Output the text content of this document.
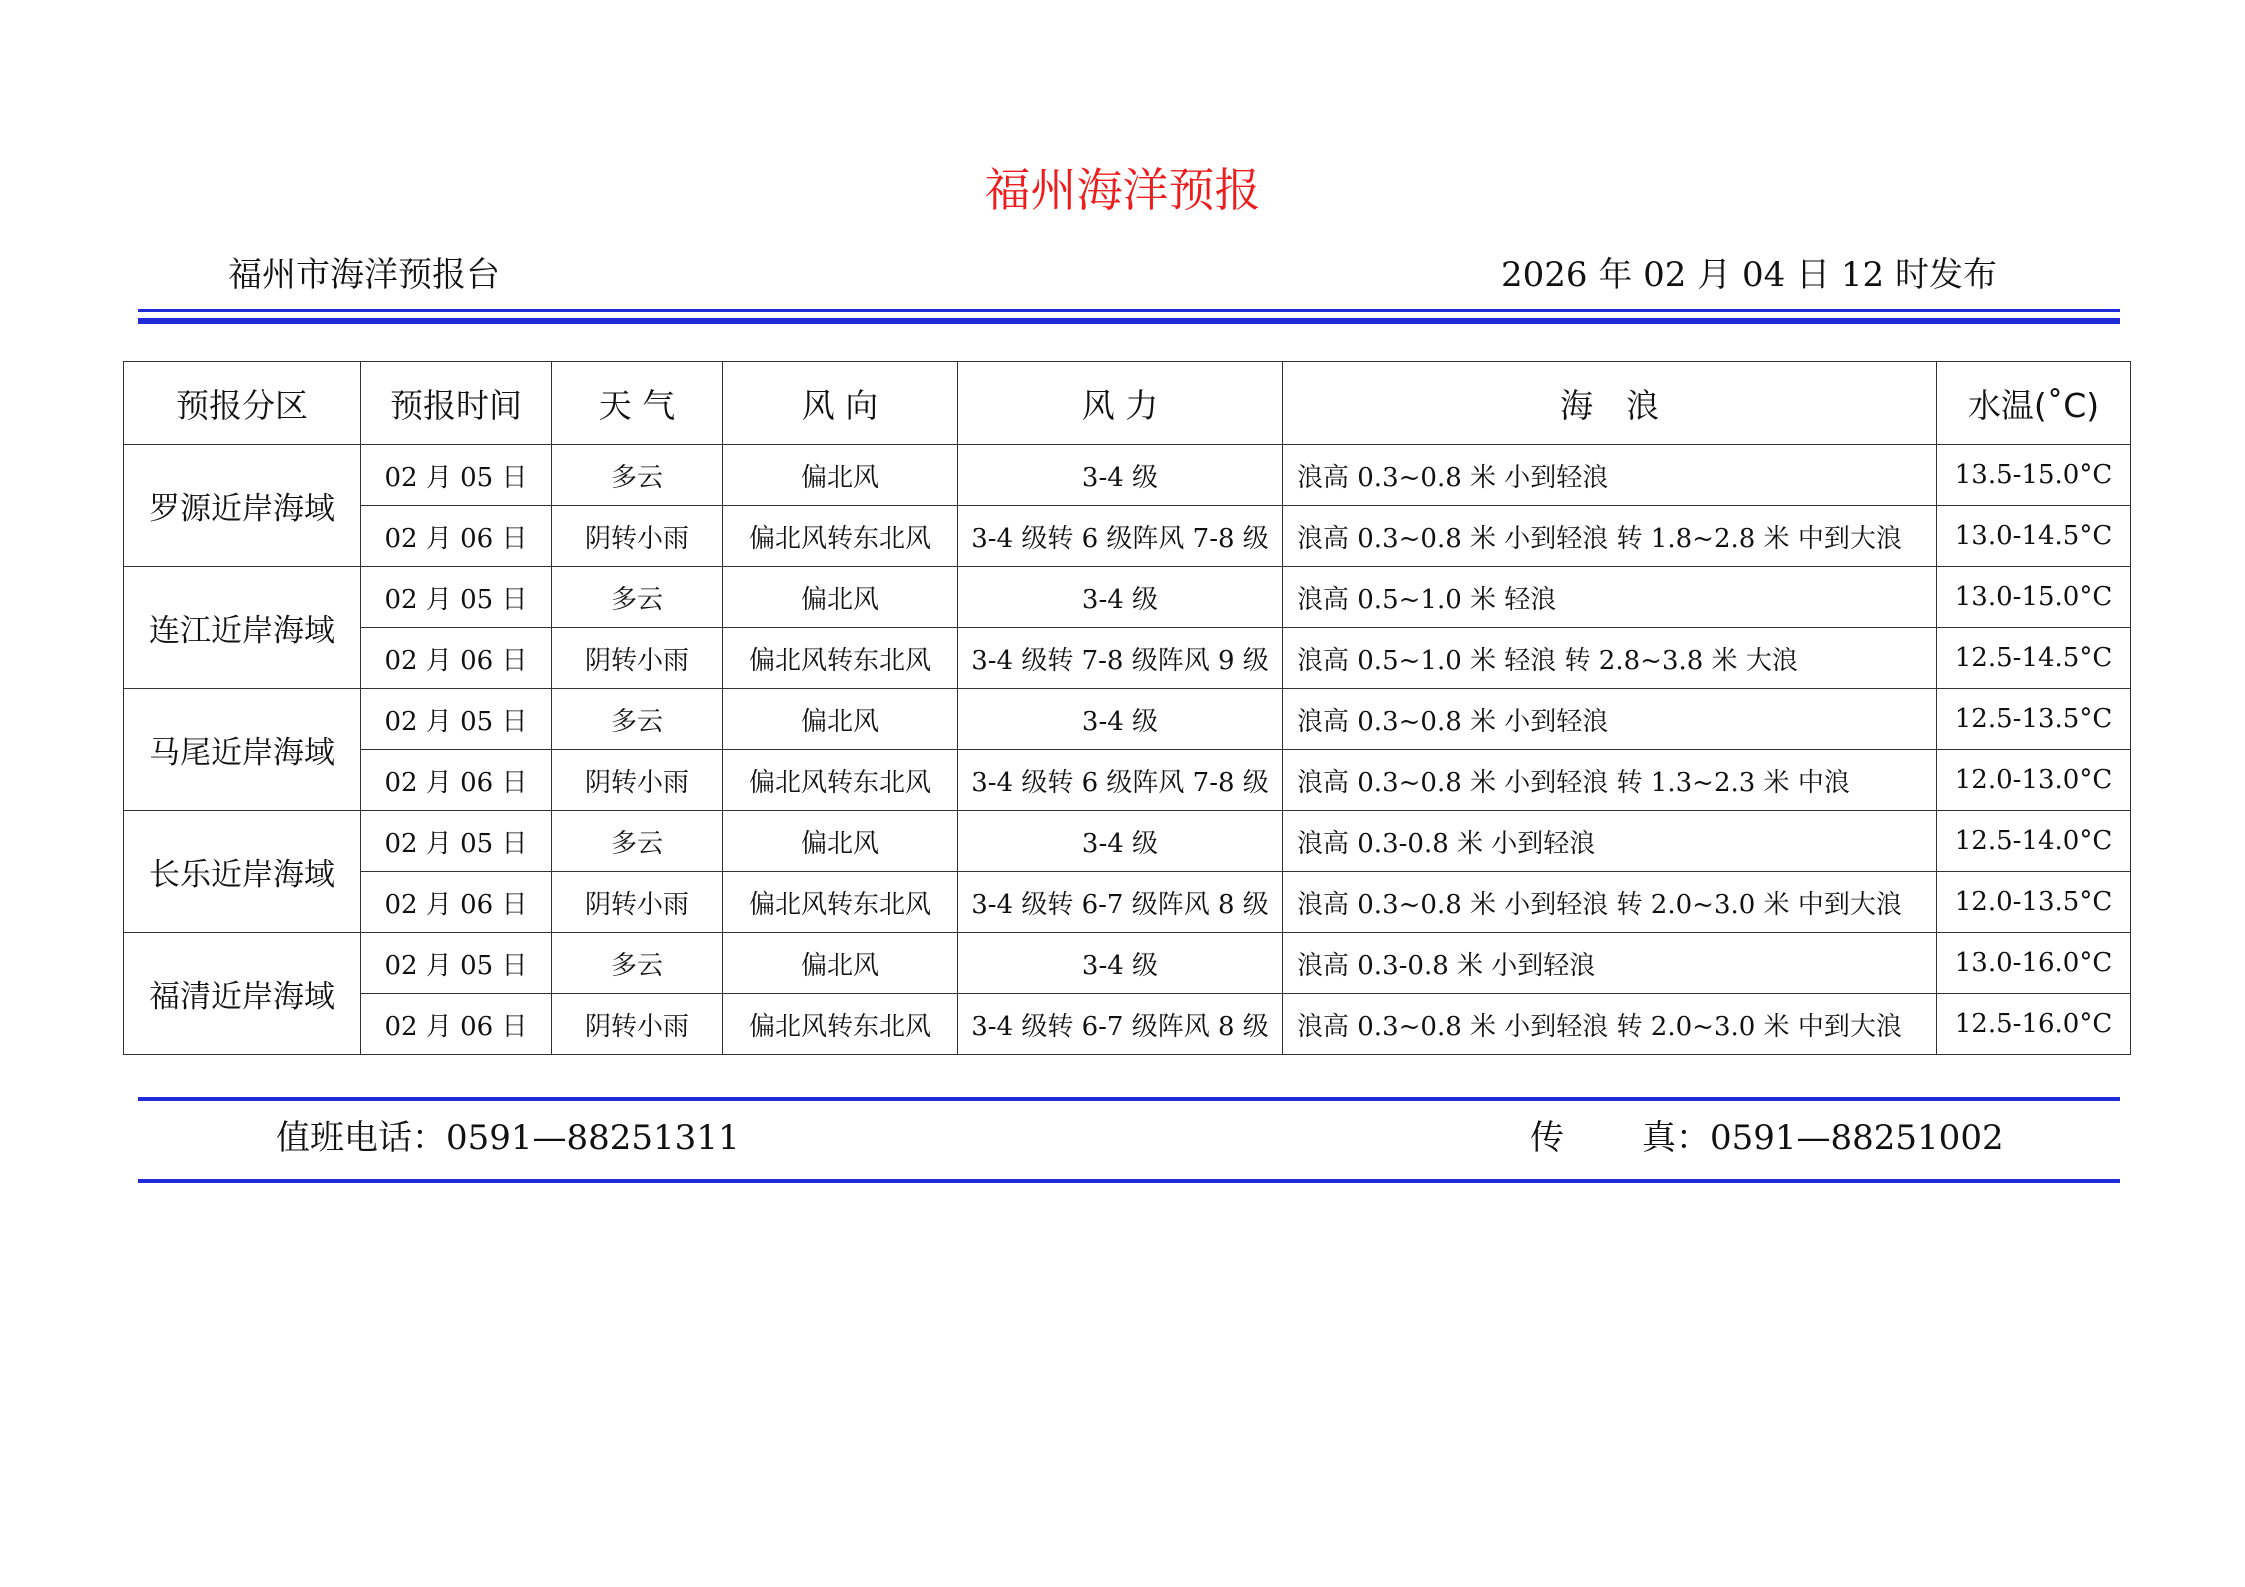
福州海洋预报
福州市海洋预报台	2026 年 02 月 04 日 12 时发布
预报分区	预报时间	天 气	风 向	风 力	海　浪	水温(˚C)
罗源近岸海域	02 月 05 日	多云	偏北风	3-4 级	浪高 0.3~0.8 米 小到轻浪	13.5-15.0°C
	02 月 06 日	阴转小雨	偏北风转东北风	3-4 级转 6 级阵风 7-8 级	浪高 0.3~0.8 米 小到轻浪 转 1.8~2.8 米 中到大浪	13.0-14.5°C
连江近岸海域	02 月 05 日	多云	偏北风	3-4 级	浪高 0.5~1.0 米 轻浪	13.0-15.0°C
	02 月 06 日	阴转小雨	偏北风转东北风	3-4 级转 7-8 级阵风 9 级	浪高 0.5~1.0 米 轻浪 转 2.8~3.8 米 大浪	12.5-14.5°C
马尾近岸海域	02 月 05 日	多云	偏北风	3-4 级	浪高 0.3~0.8 米 小到轻浪	12.5-13.5°C
	02 月 06 日	阴转小雨	偏北风转东北风	3-4 级转 6 级阵风 7-8 级	浪高 0.3~0.8 米 小到轻浪 转 1.3~2.3 米 中浪	12.0-13.0°C
长乐近岸海域	02 月 05 日	多云	偏北风	3-4 级	浪高 0.3-0.8 米 小到轻浪	12.5-14.0°C
	02 月 06 日	阴转小雨	偏北风转东北风	3-4 级转 6-7 级阵风 8 级	浪高 0.3~0.8 米 小到轻浪 转 2.0~3.0 米 中到大浪	12.0-13.5°C
福清近岸海域	02 月 05 日	多云	偏北风	3-4 级	浪高 0.3-0.8 米 小到轻浪	13.0-16.0°C
	02 月 06 日	阴转小雨	偏北风转东北风	3-4 级转 6-7 级阵风 8 级	浪高 0.3~0.8 米 小到轻浪 转 2.0~3.0 米 中到大浪	12.5-16.0°C
值班电话：0591—88251311	传 真：0591—88251002
